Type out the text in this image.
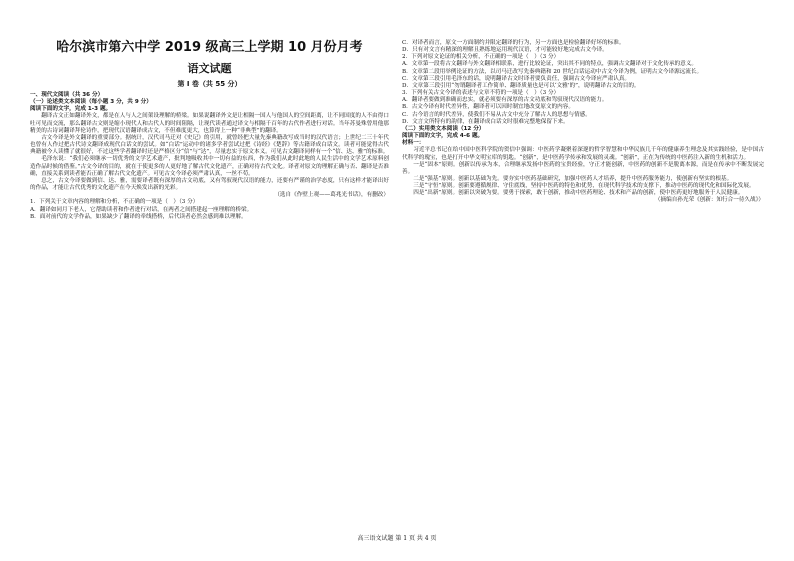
哈尔滨市第六中学 2019 级高三上学期 10 月份月考
语文试题
第 I 卷（共 55 分）

一、现代文阅读（共 36 分）

（一）论述类文本阅读（每小题 3 分，共 9 分）

阅读下面的文字，完成 1-3 题。

翻译古文正如翻译外文，都是在人与人之间架设理解的桥梁。如果说翻译外文是让相隔一国人与他国人的空间距离，让不同国度的人不由得口吐可见而交流，那么翻译古文则是缩小现代人和古代人的时间阻隔，让现代读者通过译文与相隔千百年的古代作者进行对话。当年苏曼殊曾用他那精美的古诗词翻译拜伦诗作，把现代汉语翻译成古文，不但难度更大，也算得上一种“非典型”的翻译。

古文今译是外文翻译的重要部分。据统计，汉代司马迁对《史记》的引用，就曾经把大量先秦典籍改写成当时的汉代语言；上世纪二三十年代也曾有人作过把古代诗文翻译成现代白话文的尝试。如“白话”运动中的诸多学者尝试过把《诗经》《楚辞》等古籍译成白话文。读者可能觉得古代典籍被今人读懂了就很好，不过这些学者翻译时还是严格区分“信”与“达”，尽量忠实于原文本义。可见古文翻译同样有一个“信、达、雅”的标准。

毛泽东说：“我们必须继承一切优秀的文学艺术遗产，批判地吸收其中一切有益的东西，作为我们从此时此地的人民生活中的文学艺术原料创造作品时候的借鉴。”古文今译的目的，就在于使更多的人更好地了解古代文化遗产，正确对待古代文化。译者对原文的理解正确与否、翻译是否准确，直接关系到读者能否正确了解古代文化遗产。可见古文今译必须严肃认真，一丝不苟。

总之，古文今译要做到信、达、雅，需要译者既有深厚的古文功底，又有驾驭现代汉语的能力，还要有严谨的治学态度，只有这样才能译出好的作品，才能让古代优秀的文化遗产在今天焕发出新的光彩。

（选自《作壁上观——葛兆光书话》，有删改）

1．下列关于文章内容的理解和分析，不正确的一项是（　）（3 分）

A．翻译如同月下老人，它帮助读者和作者进行对话，在两者之间搭建起一座理解的桥梁。

B．面对前代的文学作品，如果缺少了翻译的牵线搭桥，后代读者必然会感到难以理解。

C．对译者而言，原文一方面制约并限定翻译的行为，另一方面也是检验翻译好坏的标准。

D．只有对文言有精深的理解且熟练地运用现代汉语，才可能较好地完成古文今译。

2．下列对原文论证的相关分析，不正确的一项是（　）（3 分）

A．文章第一段将古文翻译与外文翻译相联系，进行比较论证，突出其不同的特点，强调古文翻译对于文化传承的意义。

B．文章第二段用举例论证的方法，以司马迁改写先秦典籍和 20 世纪白话运动中古文今译为例，证明古文今译源远流长。

C．文章第三段引用毛泽东的话，说明翻译古文时译者要负责任，强调古文今译应严肃认真。

D．文章第三段引用“勿谓翻译者工作简单、翻译质量也是可以‘文雅’的”，说明翻译古文的目的。

3．下列有关古文今译的表述与文章不符的一项是（　）（3 分）

A．翻译者要做到准确而忠实，就必须要有深厚的古文功底和驾驭现代汉语的能力。

B．古文今译有时代差异性，翻译者可以因时制宜地改变原文的内容。

C．古今语言的时代差异，使我们不易从古文中充分了解古人的思想与情感。

D．文言文所特有的韵律，在翻译成白话文时很难完整地保留下来。

（二）实用类文本阅读（12 分）

阅读下面的文字，完成 4-6 题。

材料一：

习近平总书记在给中国中医科学院的贺信中强调：中医药学凝聚着深邃的哲学智慧和中华民族几千年的健康养生理念及其实践经验，是中国古代科学的瑰宝，也是打开中华文明宝库的钥匙。“创新”，是中医药学传承和发展的灵魂。“创新”，正在为传统的中医药注入新的生机和活力。

一是“固本”原则。创新以传承为本，合理继承发扬中医药的宝贵经验，守正才能创新，中医药的创新不是脱离本源，而是在传承中不断发展完善。

二是“强基”原则。创新以基础为先。要夯实中医药基础研究，加强中医药人才培养，提升中医药服务能力，使创新有坚实的根基。

三是“守恒”原则。创新要遵循规律、守住底线，坚持中医药的特色和优势，在现代科学技术的支撑下，推动中医药的现代化和国际化发展。

四是“出新”原则。创新以突破为要。要勇于探索，敢于创新，推动中医药理论、技术和产品的创新，使中医药更好地服务于人民健康。

（摘编自孙光荣《创新：知行合一待久战》）

高三语文试题 第 1 页 共 4 页
